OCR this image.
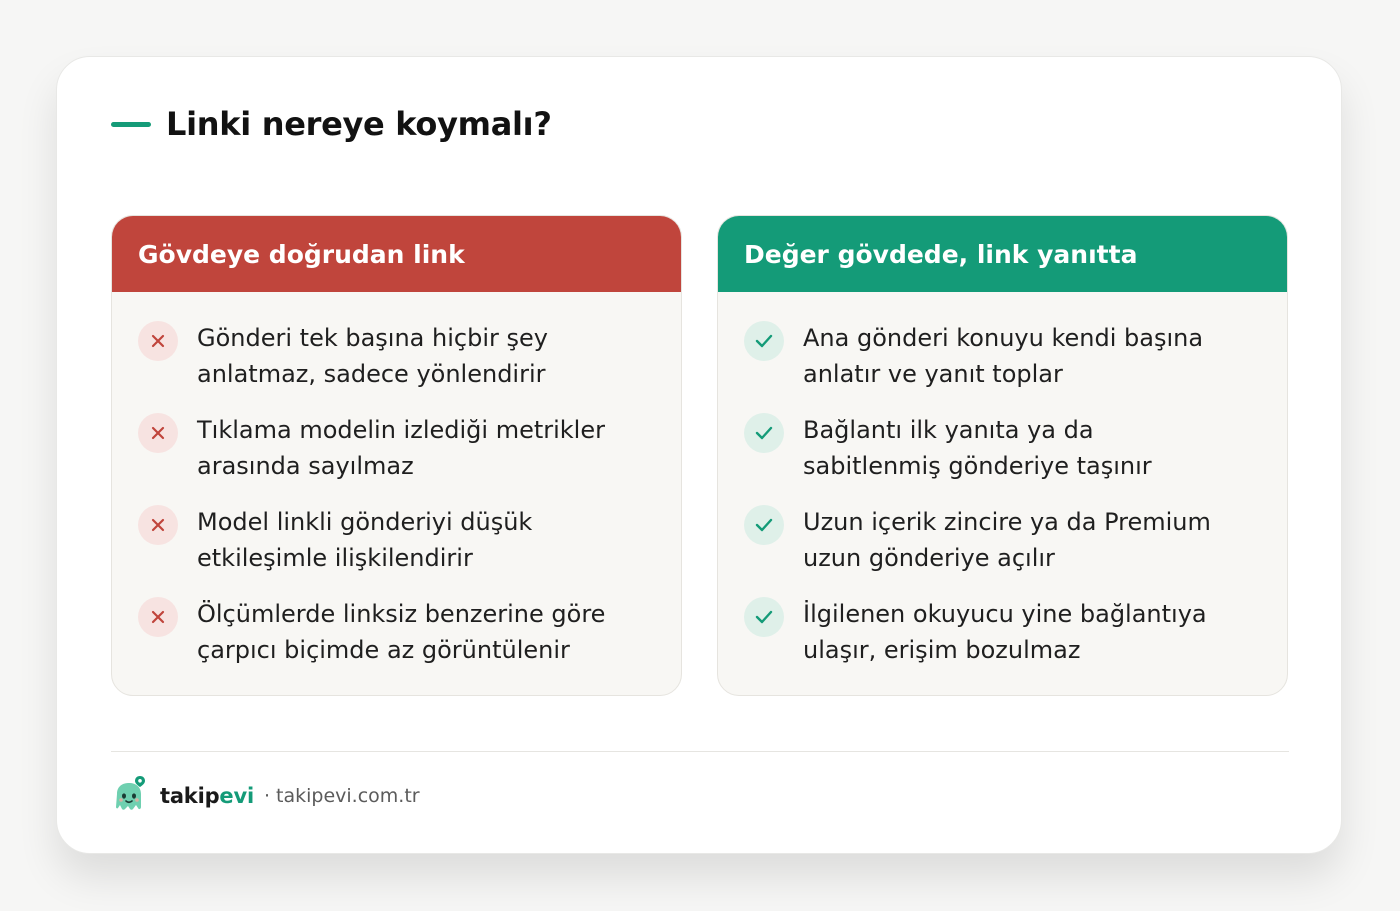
Linki nereye koymalı?
Gövdeye doğrudan link
Gönderi tek başına hiçbir şey
anlatmaz, sadece yönlendirir
Tıklama modelin izlediği metrikler
arasında sayılmaz
Model linkli gönderiyi düşük
etkileşimle ilişkilendirir
Ölçümlerde linksiz benzerine göre
çarpıcı biçimde az görüntülenir
Değer gövdede, link yanıtta
Ana gönderi konuyu kendi başına
anlatır ve yanıt toplar
Bağlantı ilk yanıta ya da
sabitlenmiş gönderiye taşınır
Uzun içerik zincire ya da Premium
uzun gönderiye açılır
İlgilenen okuyucu yine bağlantıya
ulaşır, erişim bozulmaz
takipevi · takipevi.com.tr
